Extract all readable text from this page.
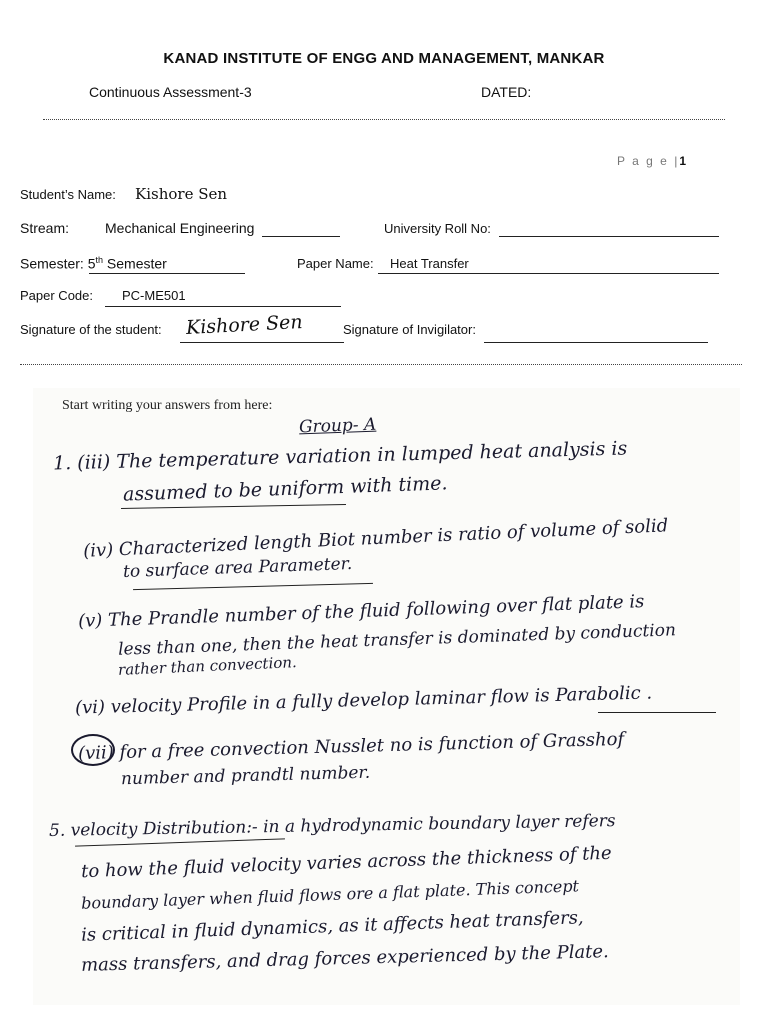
KANAD INSTITUTE OF ENGG AND MANAGEMENT, MANKAR
Continuous Assessment-3	DATED:
P a g e |1
Student’s Name: Kishore Sen
Stream:	Mechanical Engineering	University Roll No:
Semester: 5th Semester	Paper Name: Heat Transfer
Paper Code: PC-ME501
Signature of the student: Kishore Sen	Signature of Invigilator:
Start writing your answers from here:
Group- A
1. (iii) The temperature variation in lumped heat analysis is
assumed to be uniform with time.
(iv) Characterized length Biot number is ratio of volume of solid
to surface area Parameter.
(v) The Prandle number of the fluid following over flat plate is
less than one, then the heat transfer is dominated by conduction
rather than convection.
(vi) velocity Profile in a fully develop laminar flow is Parabolic .
(vii) for a free convection Nusslet no is function of Grasshof
number and prandtl number.
5. velocity Distribution:- in a hydrodynamic boundary layer refers
to how the fluid velocity varies across the thickness of the
boundary layer when fluid flows ore a flat plate. This concept
is critical in fluid dynamics, as it affects heat transfers,
mass transfers, and drag forces experienced by the Plate.
